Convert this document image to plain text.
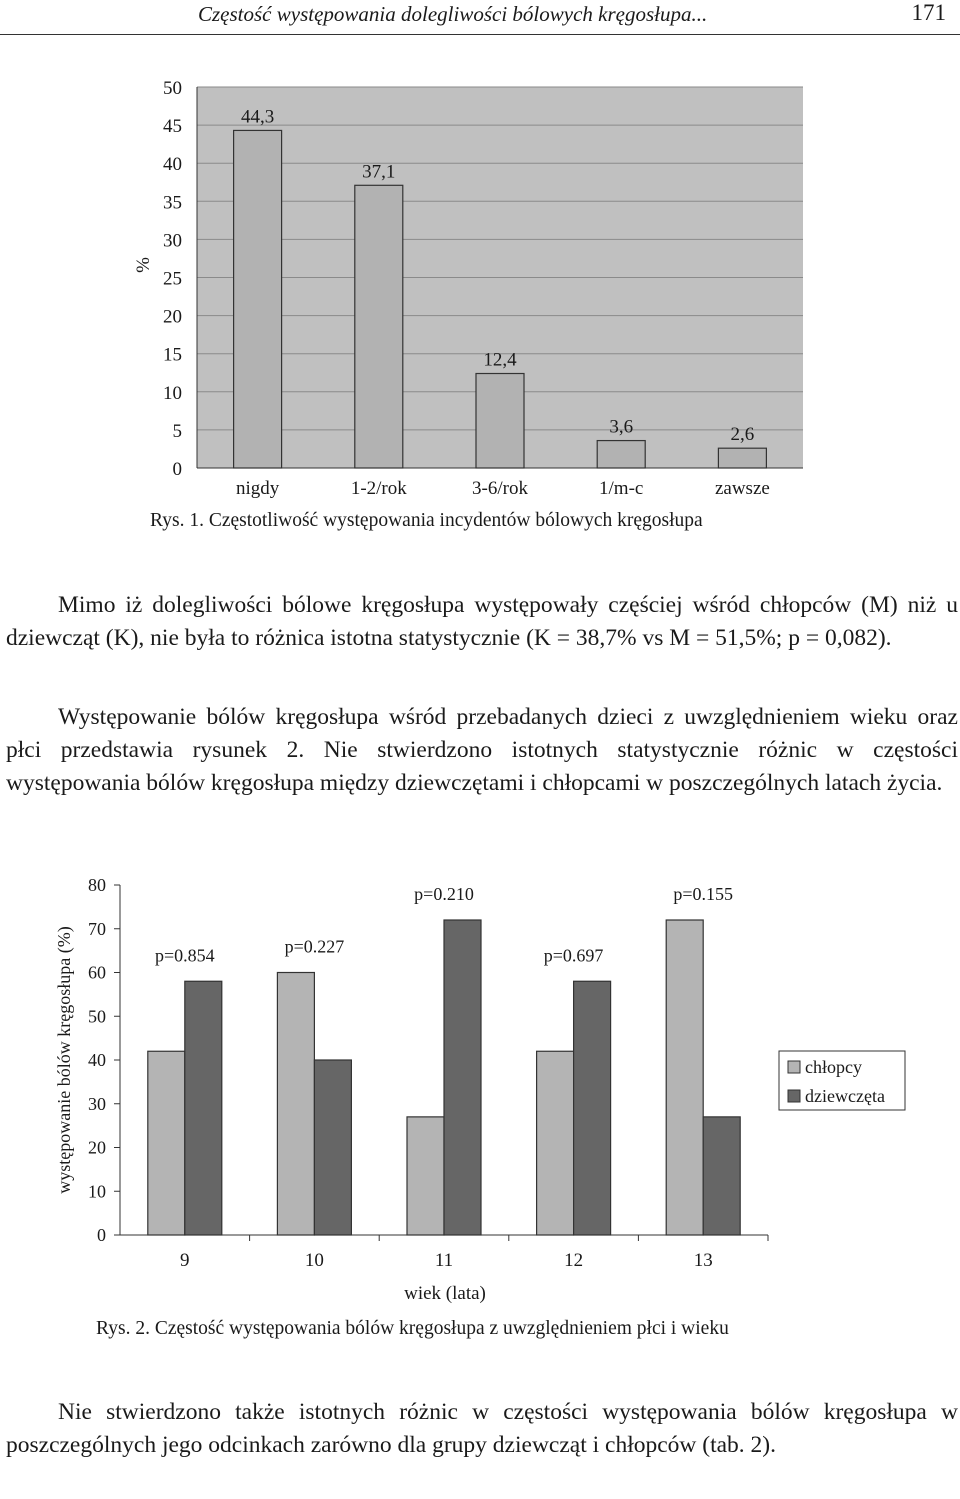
Częstość występowania dolegliwości bólowych kręgosłupa...	171
0
5
10
15
20
25
30
35
40
45
50
44,3
nigdy
37,1
1-2/rok
12,4
3-6/rok
3,6
1/m-c
2,6
zawsze
%
Rys. 1. Częstotliwość występowania incydentów bólowych kręgosłupa

Mimo iż dolegliwości bólowe kręgosłupa występowały częściej wśród chłopców (M) niż u dziewcząt (K), nie była to różnica istotna statystycznie (K = 38,7% vs M = 51,5%; p = 0,082).

Występowanie bólów kręgosłupa wśród przebadanych dzieci z uwzględnieniem wieku oraz płci przedstawia rysunek 2. Nie stwierdzono istotnych statystycznie różnic w częstości występowania bólów kręgosłupa między dziewczętami i chłopcami w poszczególnych latach życia.

0
10
20
30
40
50
60
70
80
9
p=0.854
10
p=0.227
11
p=0.210
12
p=0.697
13
p=0.155
wiek (lata)
występowanie bólów kręgosłupa (%)	chłopcy
dziewczęta
Rys. 2. Częstość występowania bólów kręgosłupa z uwzględnieniem płci i wieku

Nie stwierdzono także istotnych różnic w częstości występowania bólów kręgosłupa w poszczególnych jego odcinkach zarówno dla grupy dziewcząt i chłopców (tab. 2).
